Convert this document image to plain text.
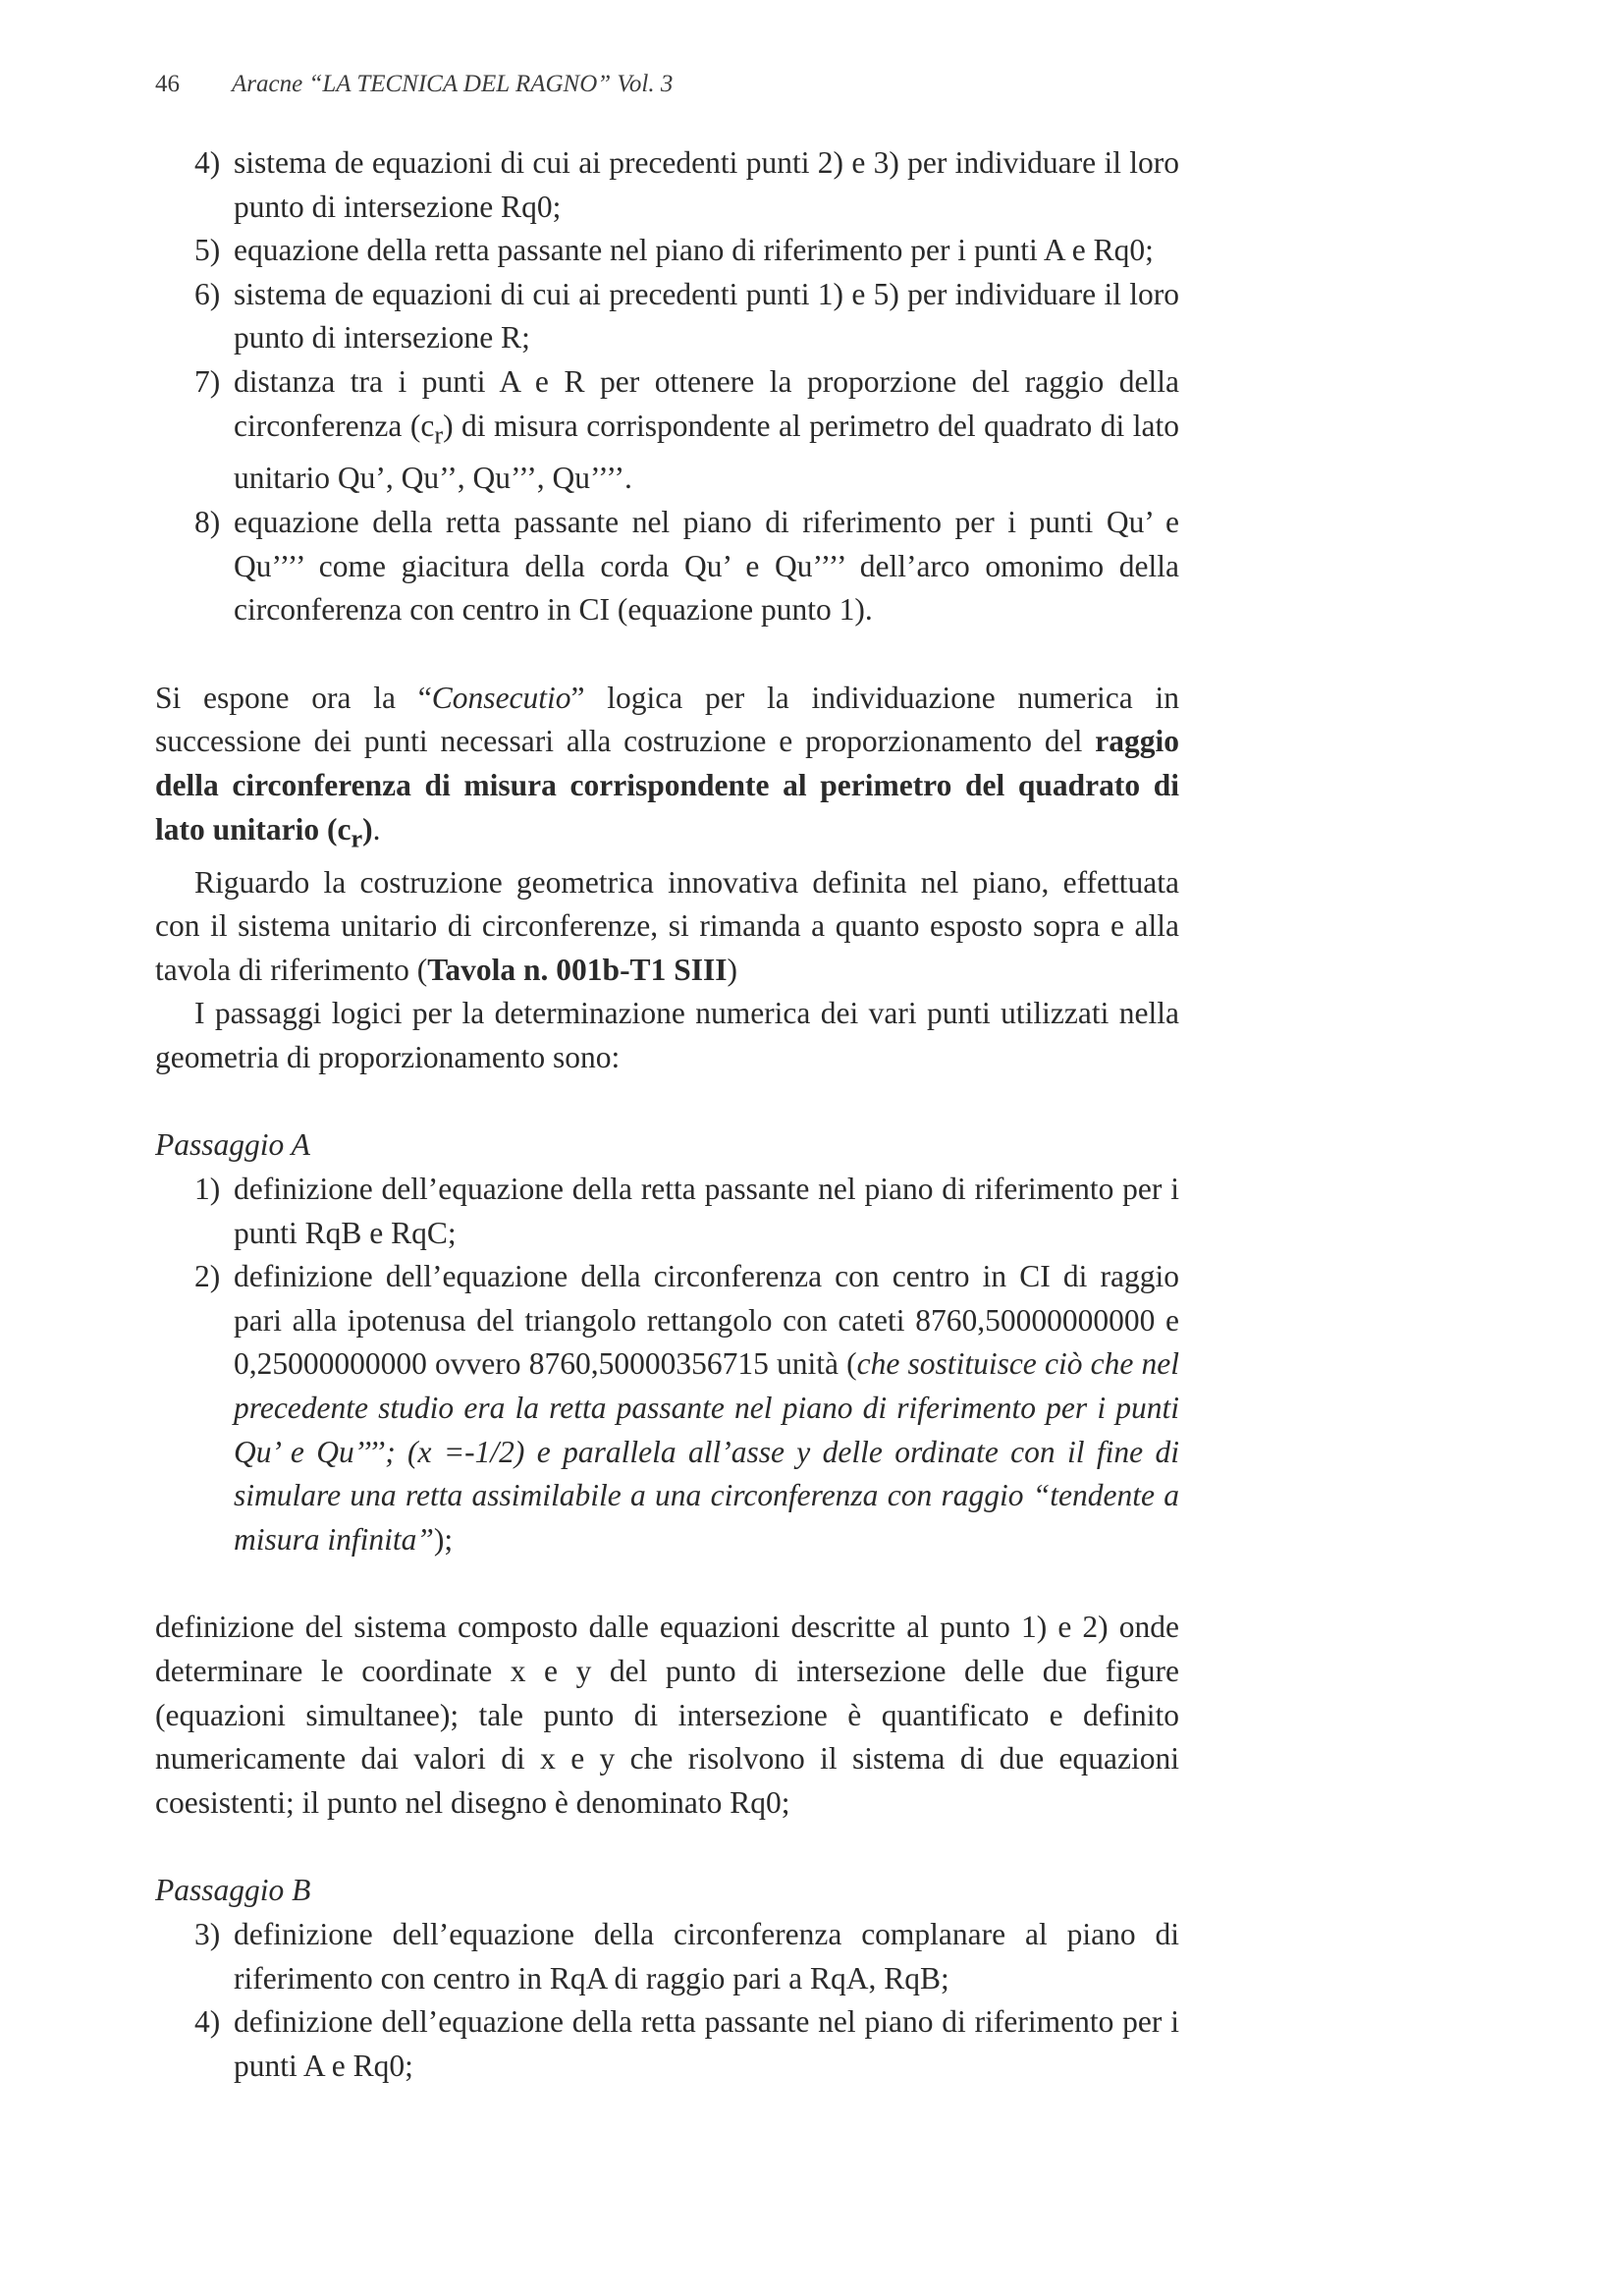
46 Aracne “LA TECNICA DEL RAGNO” Vol. 3
4) sistema de equazioni di cui ai precedenti punti 2) e 3) per individuare il loro punto di intersezione Rq0;
5) equazione della retta passante nel piano di riferimento per i punti A e Rq0;
6) sistema de equazioni di cui ai precedenti punti 1) e 5) per individuare il loro punto di intersezione R;
7) distanza tra i punti A e R per ottenere la proporzione del raggio della circonferenza $(c_r)$ di misura corrispondente al perimetro del quadrato di lato unitario Qu’, Qu’’, Qu’’’, Qu’’’’.
8) equazione della retta passante nel piano di riferimento per i punti Qu’ e Qu’’’’ come giacitura della corda Qu’ e Qu’’’’ dell’arco omonimo della circonferenza con centro in CI (equazione punto 1).

Si espone ora la “Consecutio” logica per la individuazione numerica in successione dei punti necessari alla costruzione e proporzionamento del raggio della circonferenza di misura corrispondente al perimetro del quadrato di lato unitario $(c_r)$.

Riguardo la costruzione geometrica innovativa definita nel piano, effettuata con il sistema unitario di circonferenze, si rimanda a quanto esposto sopra e alla tavola di riferimento (Tavola n. 001b-T1 SIII)

I passaggi logici per la determinazione numerica dei vari punti utilizzati nella geometria di proporzionamento sono:

Passaggio A

1) definizione dell’equazione della retta passante nel piano di riferimento per i punti RqB e RqC;
2) definizione dell’equazione della circonferenza con centro in CI di raggio pari alla ipotenusa del triangolo rettangolo con cateti 8760,50000000000 e 0,25000000000 ovvero 8760,50000356715 unità (che sostituisce ciò che nel precedente studio era la retta passante nel piano di riferimento per i punti Qu’ e Qu’’’’; (x =-1/2) e parallela all’asse y delle ordinate con il fine di simulare una retta assimilabile a una circonferenza con raggio “tendente a misura infinita”);

definizione del sistema composto dalle equazioni descritte al punto 1) e 2) onde determinare le coordinate x e y del punto di intersezione delle due figure (equazioni simultanee); tale punto di intersezione è quantificato e definito numericamente dai valori di x e y che risolvono il sistema di due equazioni coesistenti; il punto nel disegno è denominato Rq0;

Passaggio B

3) definizione dell’equazione della circonferenza complanare al piano di riferimento con centro in RqA di raggio pari a RqA, RqB;
4) definizione dell’equazione della retta passante nel piano di riferimento per i punti A e Rq0;
